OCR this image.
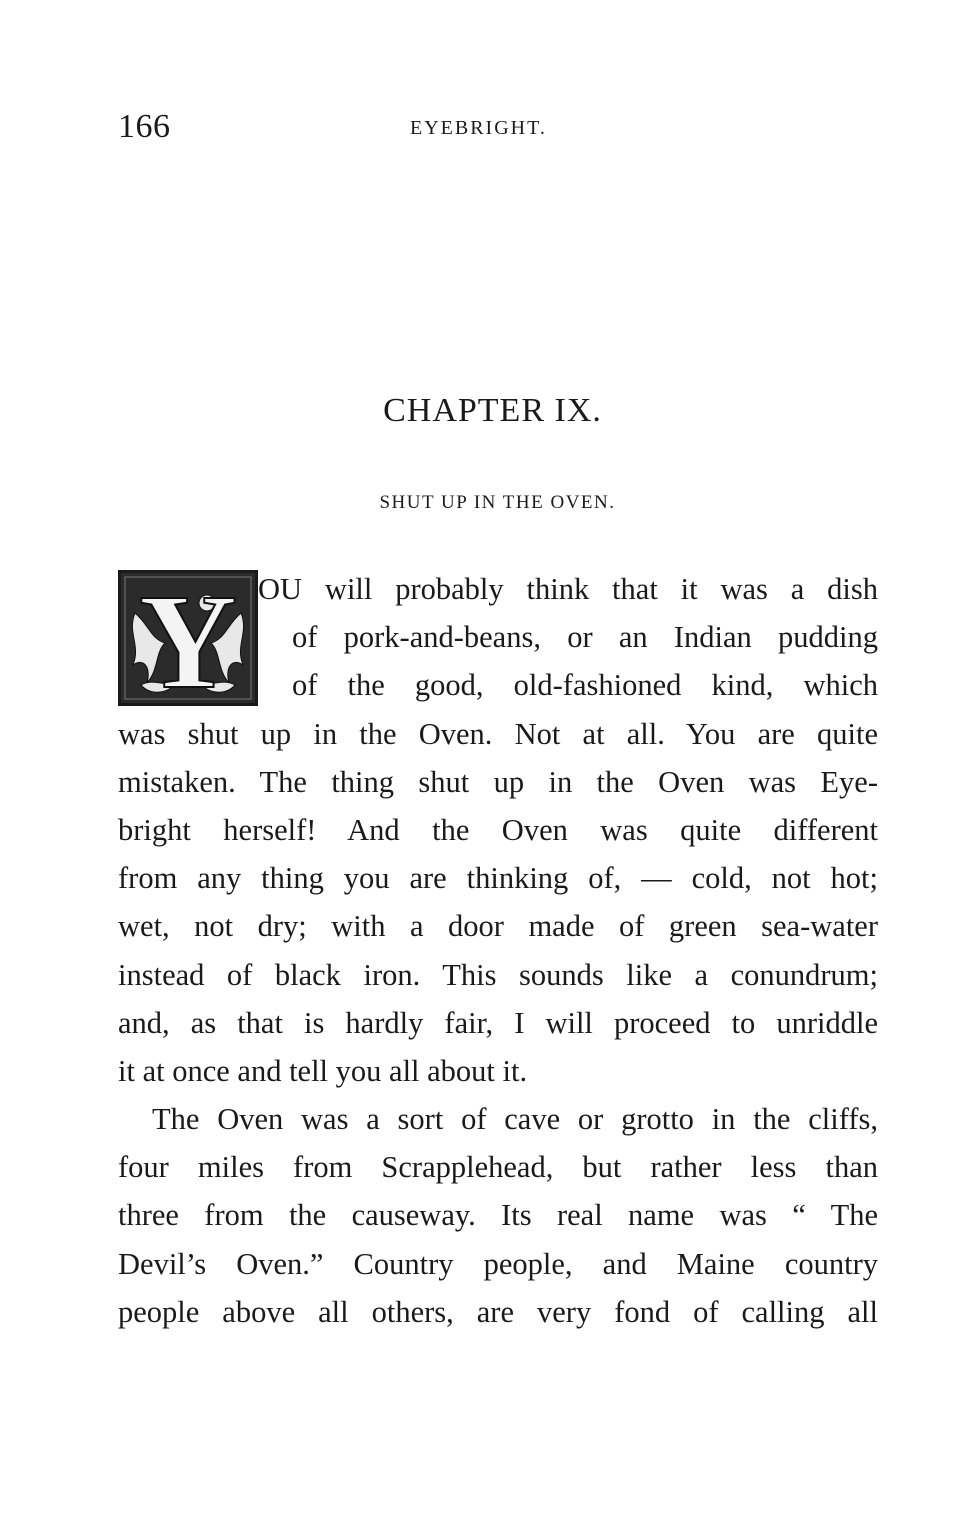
166	EYEBRIGHT.
CHAPTER IX.
SHUT UP IN THE OVEN.
Y OU will probably think that it was a dish
of pork-and-beans, or an Indian pudding
of the good, old-fashioned kind, which
was shut up in the Oven. Not at all. You are quite
mistaken. The thing shut up in the Oven was Eye-
bright herself! And the Oven was quite different
from any thing you are thinking of, — cold, not hot;
wet, not dry; with a door made of green sea-water
instead of black iron. This sounds like a conundrum;
and, as that is hardly fair, I will proceed to unriddle
it at once and tell you all about it.
The Oven was a sort of cave or grotto in the cliffs,
four miles from Scrapplehead, but rather less than
three from the causeway. Its real name was “ The
Devil’s Oven.” Country people, and Maine country
people above all others, are very fond of calling all
